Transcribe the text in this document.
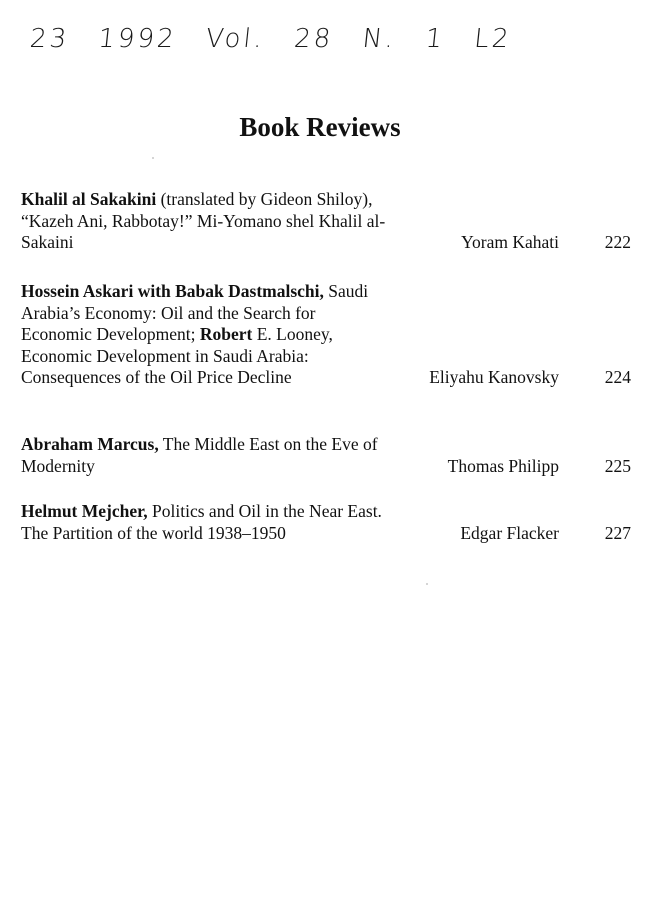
23 1992 Vol. 28 N. 1 L2
Book Reviews
Khalil al Sakakini (translated by Gideon Shiloy), “Kazeh Ani, Rabbotay!” Mi-Yomano shel Khalil al-Sakaini	Yoram Kahati	222
Hossein Askari with Babak Dastmalschi, Saudi Arabia’s Economy: Oil and the Search for Economic Development; Robert E. Looney, Economic Development in Saudi Arabia: Consequences of the Oil Price Decline	Eliyahu Kanovsky	224
Abraham Marcus, The Middle East on the Eve of Modernity	Thomas Philipp	225
Helmut Mejcher, Politics and Oil in the Near East. The Partition of the world 1938–1950	Edgar Flacker	227
